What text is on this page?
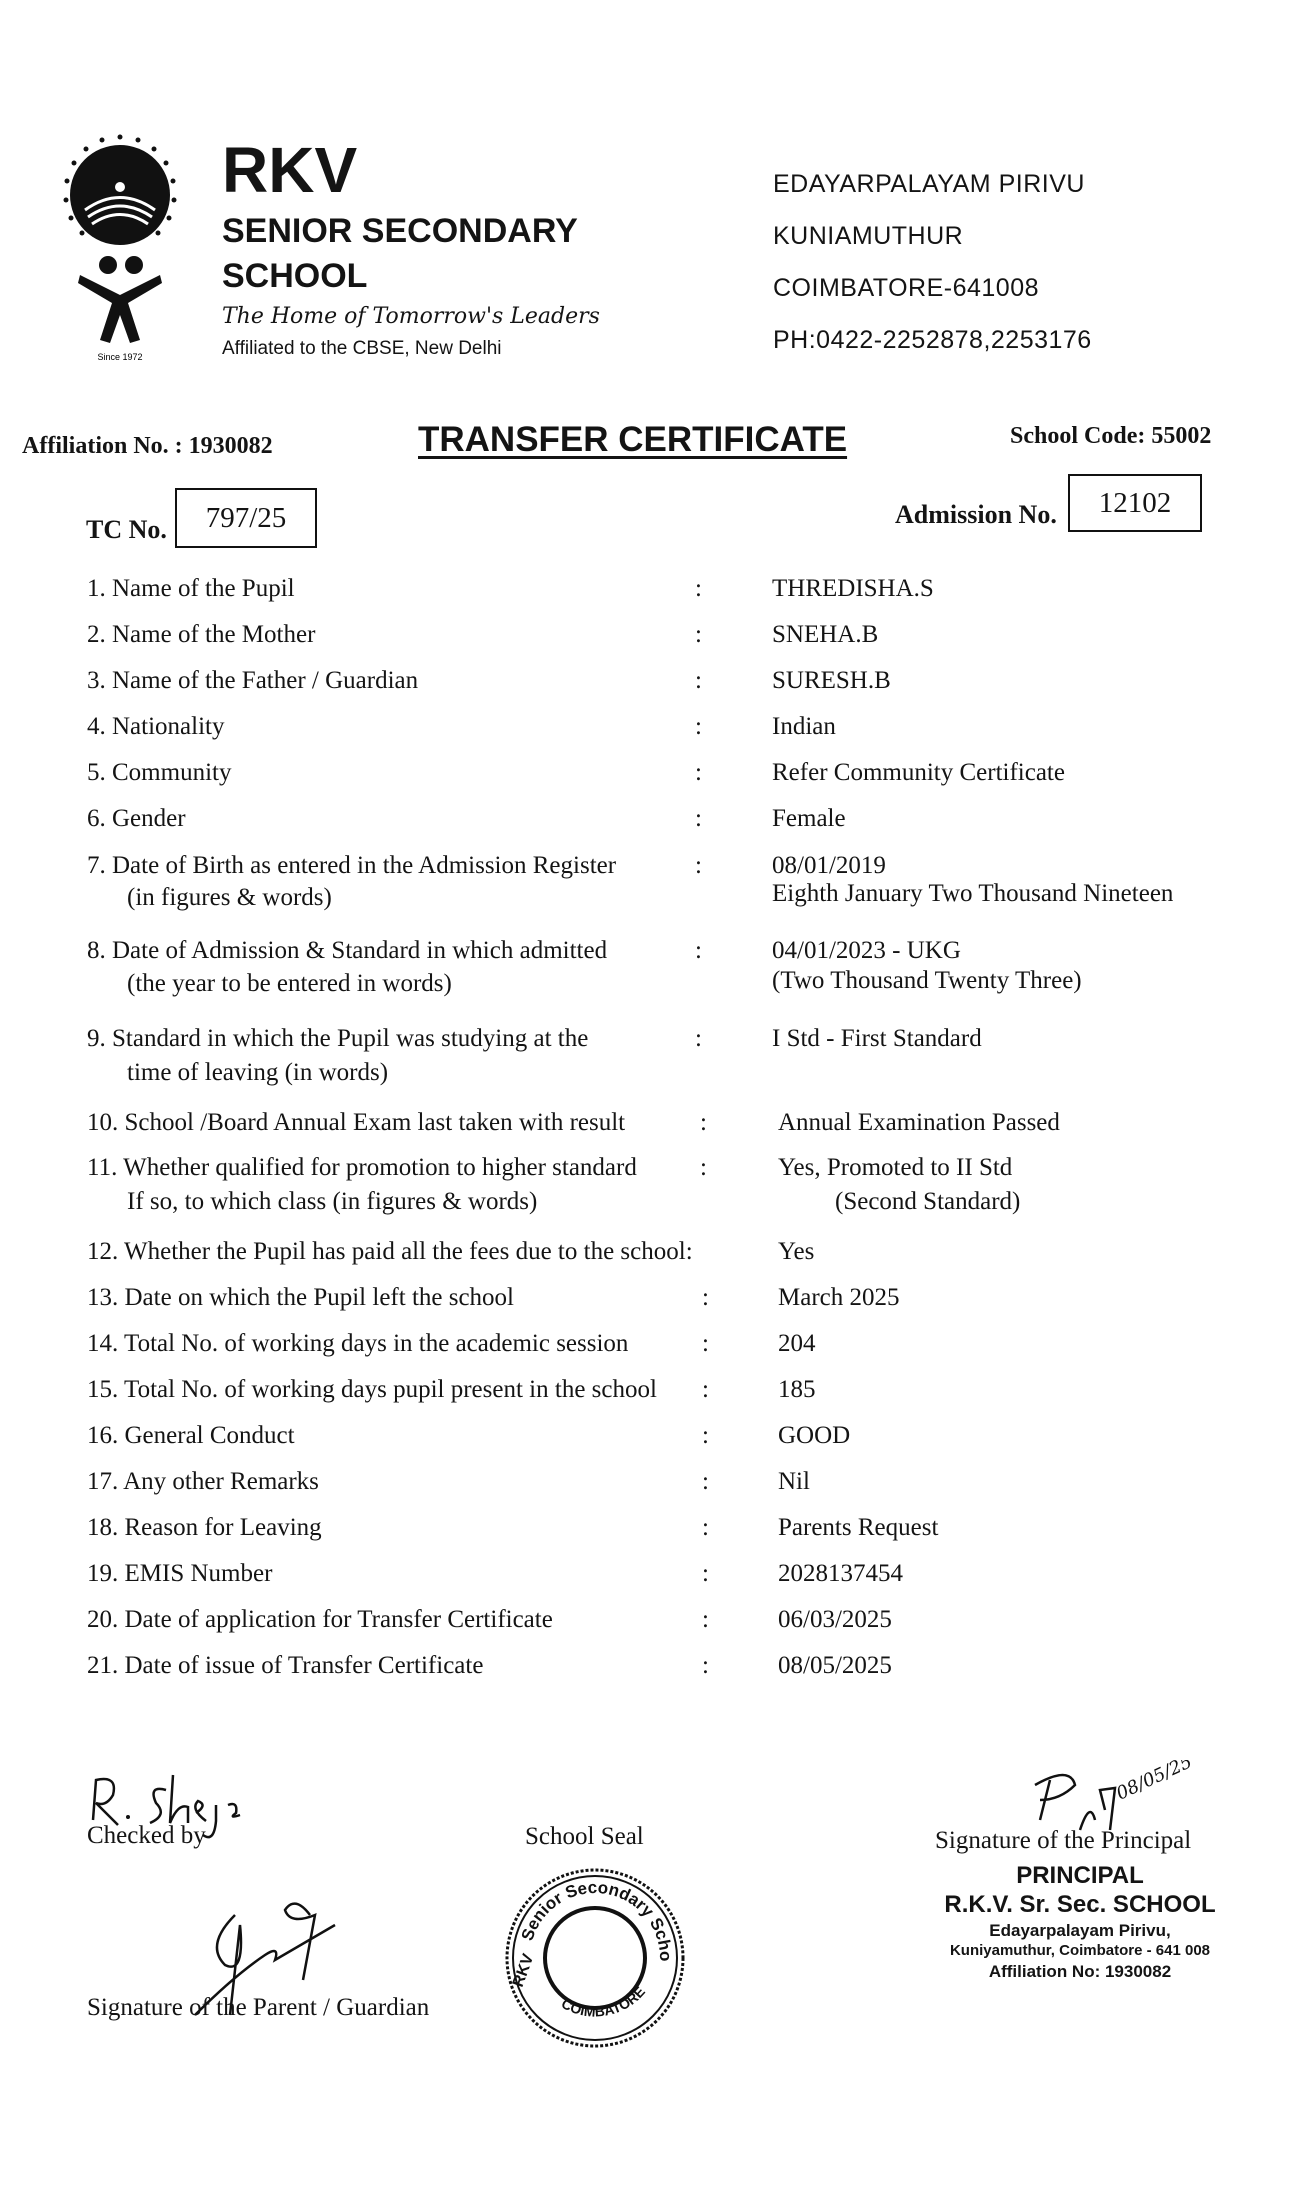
Since 1972
RKV
SENIOR SECONDARY
SCHOOL
The Home of Tomorrow's Leaders
Affiliated to the CBSE, New Delhi
EDAYARPALAYAM PIRIVU
KUNIAMUTHUR
COIMBATORE-641008
PH:0422-2252878,2253176
Affiliation No. : 1930082	TRANSFER CERTIFICATE	School Code: 55002
TC No. 797/25	Admission No. 12102
1. Name of the Pupil	:	THREDISHA.S
2. Name of the Mother	:	SNEHA.B
3. Name of the Father / Guardian	:	SURESH.B
4. Nationality	:	Indian
5. Community	:	Refer Community Certificate
6. Gender	:	Female
7. Date of Birth as entered in the Admission Register	:	08/01/2019
(in figures & words)	Eighth January Two Thousand Nineteen
8. Date of Admission & Standard in which admitted	:	04/01/2023 - UKG
(the year to be entered in words)	(Two Thousand Twenty Three)
9. Standard in which the Pupil was studying at the	:	I Std - First Standard
time of leaving (in words)
10. School /Board Annual Exam last taken with result	:	Annual Examination Passed
11. Whether qualified for promotion to higher standard	:	Yes, Promoted to II Std
If so, to which class (in figures & words)	(Second Standard)
12. Whether the Pupil has paid all the fees due to the school:	Yes
13. Date on which the Pupil left the school	:	March 2025
14. Total No. of working days in the academic session	:	204
15. Total No. of working days pupil present in the school	:	185
16. General Conduct	:	GOOD
17. Any other Remarks	:	Nil
18. Reason for Leaving	:	Parents Request
19. EMIS Number	:	2028137454
20. Date of application for Transfer Certificate	:	06/03/2025
21. Date of issue of Transfer Certificate	:	08/05/2025
Checked by	School Seal
Senior Secondary Scho
COIMBATORE
RKV
Signature of the Parent / Guardian
08/05/25
Signature of the Principal
PRINCIPAL
R.K.V. Sr. Sec. SCHOOL
Edayarpalayam Pirivu,
Kuniyamuthur, Coimbatore - 641 008
Affiliation No: 1930082
